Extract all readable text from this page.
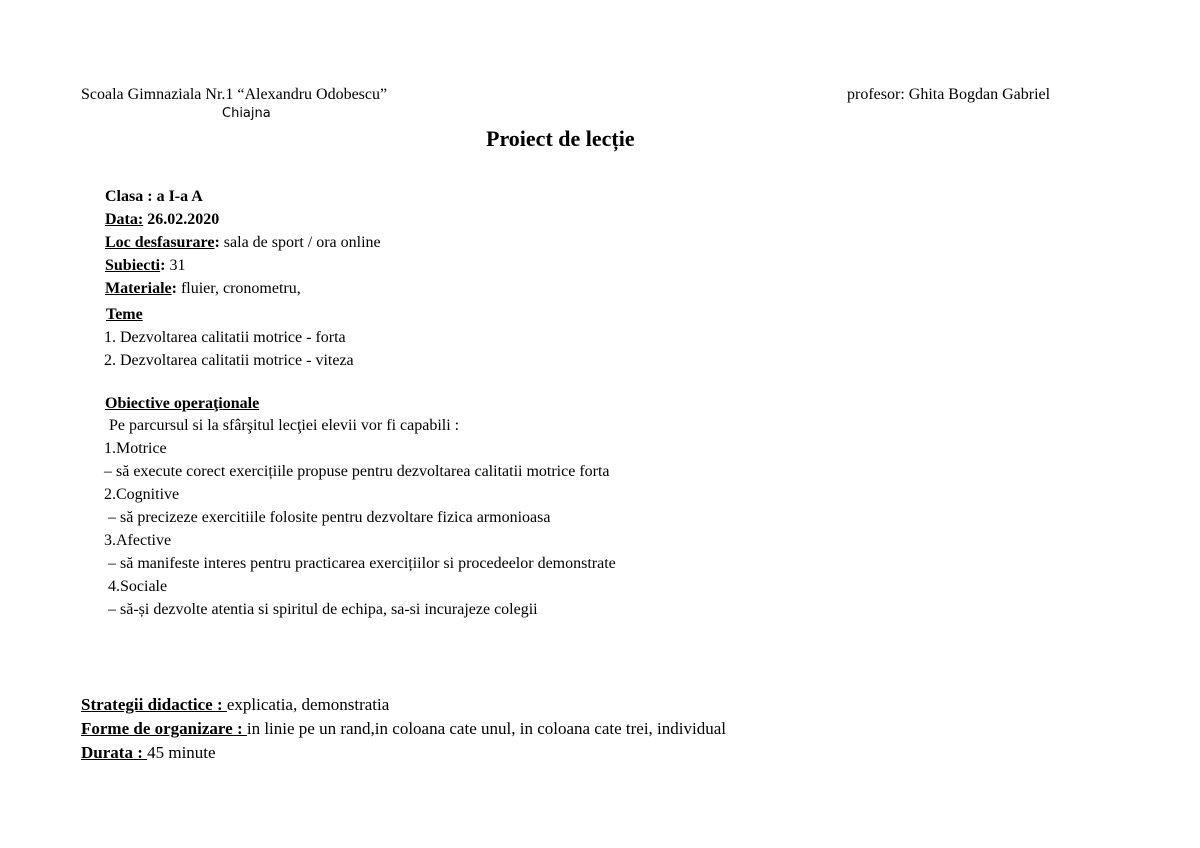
Scoala Gimnaziala Nr.1 “Alexandru Odobescu”
Chiajna
profesor: Ghita Bogdan Gabriel
Proiect de lecție
Clasa : a I-a A
Data: 26.02.2020
Loc desfasurare: sala de sport / ora online
Subiecti: 31
Materiale: fluier, cronometru,
Teme
1. Dezvoltarea calitatii motrice - forta
2. Dezvoltarea calitatii motrice - viteza
Obiective operaţionale
Pe parcursul si la sfârşitul lecţiei elevii vor fi capabili :
1.Motrice
– să execute corect exercițiile propuse pentru dezvoltarea calitatii motrice forta
2.Cognitive
– să precizeze exercitiile folosite pentru dezvoltare fizica armonioasa
3.Afective
– să manifeste interes pentru practicarea exercițiilor si procedeelor demonstrate
4.Sociale
– să-și dezvolte atentia si spiritul de echipa, sa-si incurajeze colegii
Strategii didactice : explicatia, demonstratia
Forme de organizare : in linie pe un rand,in coloana cate unul, in coloana cate trei, individual
Durata : 45 minute
